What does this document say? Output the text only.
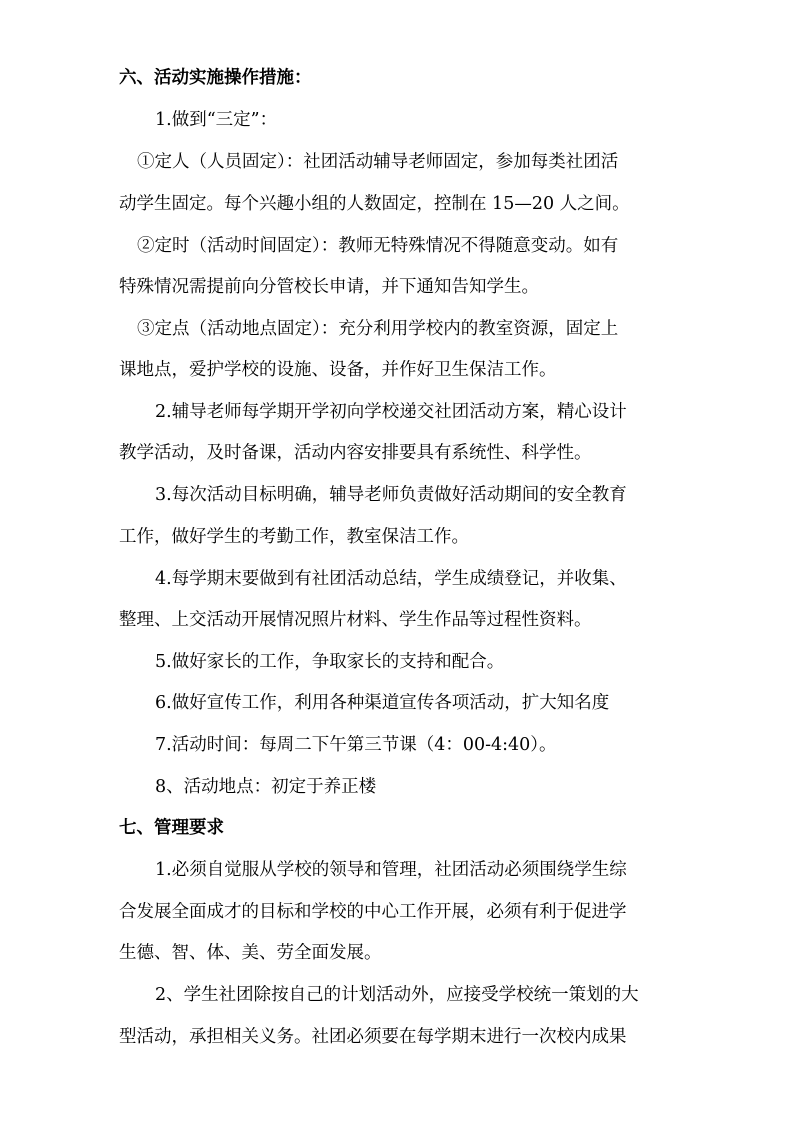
六、活动实施操作措施：
1.做到“三定”：
①定人（人员固定）：社团活动辅导老师固定，参加每类社团活
动学生固定。每个兴趣小组的人数固定，控制在 15—20 人之间。
②定时（活动时间固定）：教师无特殊情况不得随意变动。如有
特殊情况需提前向分管校长申请，并下通知告知学生。
③定点（活动地点固定）：充分利用学校内的教室资源，固定上
课地点，爱护学校的设施、设备，并作好卫生保洁工作。
2.辅导老师每学期开学初向学校递交社团活动方案，精心设计
教学活动，及时备课，活动内容安排要具有系统性、科学性。
3.每次活动目标明确，辅导老师负责做好活动期间的安全教育
工作，做好学生的考勤工作，教室保洁工作。
4.每学期末要做到有社团活动总结，学生成绩登记，并收集、
整理、上交活动开展情况照片材料、学生作品等过程性资料。
5.做好家长的工作，争取家长的支持和配合。
6.做好宣传工作，利用各种渠道宣传各项活动，扩大知名度
7.活动时间：每周二下午第三节课（4：00-4:40）。
8、活动地点：初定于养正楼
七、管理要求
1.必须自觉服从学校的领导和管理，社团活动必须围绕学生综
合发展全面成才的目标和学校的中心工作开展，必须有利于促进学
生德、智、体、美、劳全面发展。
2、学生社团除按自己的计划活动外，应接受学校统一策划的大
型活动，承担相关义务。社团必须要在每学期末进行一次校内成果
